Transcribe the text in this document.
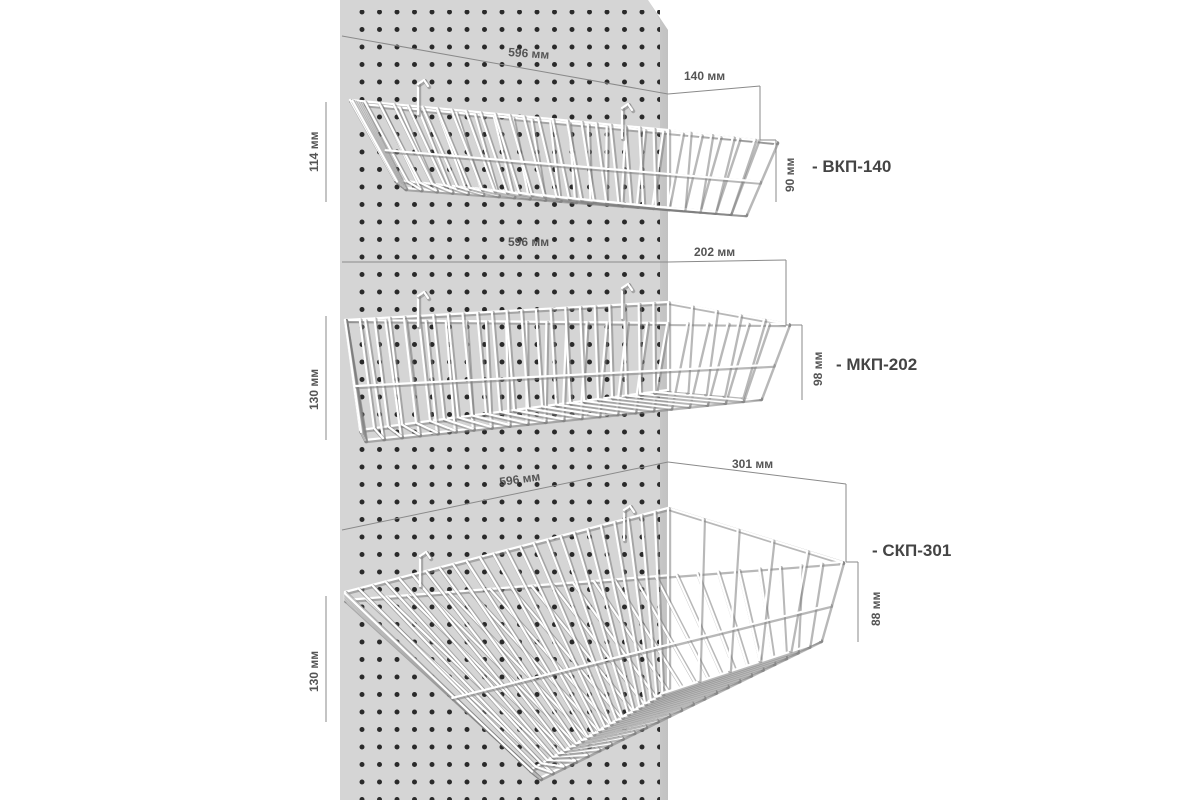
596 мм
140 мм
90 мм
114 мм	- ВКП-140
596 мм
202 мм
98 мм
130 мм
- МКП-202
596 мм
301 мм
88 мм
130 мм
- СКП-301
